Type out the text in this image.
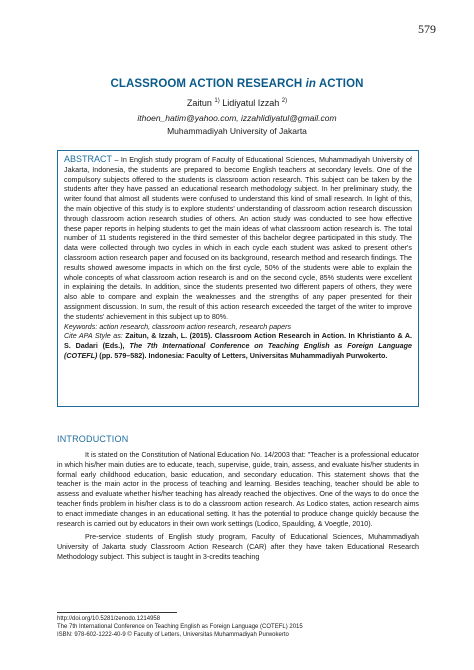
579
CLASSROOM ACTION RESEARCH in ACTION
Zaitun $^{1)}$ Lidiyatul Izzah $^{2)}$
ithoen_hatim@yahoo.com, izzahlidiyatul@gmail.com
Muhammadiyah University of Jakarta

ABSTRACT – In English study program of Faculty of Educational Sciences, Muhammadiyah University of Jakarta, Indonesia, the students are prepared to become English teachers at secondary levels. One of the compulsory subjects offered to the students is classroom action research. This subject can be taken by the students after they have passed an educational research methodology subject. In her preliminary study, the writer found that almost all students were confused to understand this kind of small research. In light of this, the main objective of this study is to explore students' understanding of classroom action research discussion through classroom action research studies of others. An action study was conducted to see how effective these paper reports in helping students to get the main ideas of what classroom action research is. The total number of 11 students registered in the third semester of this bachelor degree participated in this study. The data were collected through two cycles in which in each cycle each student was asked to present other's classroom action research paper and focused on its background, research method and research findings. The results showed awesome impacts in which on the first cycle, 50% of the students were able to explain the whole concepts of what classroom action research is and on the second cycle, 85% students were excellent in explaining the details. In addition, since the students presented two different papers of others, they were also able to compare and explain the weaknesses and the strengths of any paper presented for their assignment discussion. In sum, the result of this action research exceeded the target of the writer to improve the students' achievement in this subject up to 80%.

Keywords: action research, classroom action research, research papers

Cite APA Style as: Zaitun, & Izzah, L. (2015). Classroom Action Research in Action. In Khristianto & A. S. Dadari (Eds.), The 7th International Conference on Teaching English as Foreign Language (COTEFL) (pp. 579–582). Indonesia: Faculty of Letters, Universitas Muhammadiyah Purwokerto.

INTRODUCTION

It is stated on the Constitution of National Education No. 14/2003 that: "Teacher is a professional educator in which his/her main duties are to educate, teach, supervise, guide, train, assess, and evaluate his/her students in formal early childhood education, basic education, and secondary education. This statement shows that the teacher is the main actor in the process of teaching and learning. Besides teaching, teacher should be able to assess and evaluate whether his/her teaching has already reached the objectives. One of the ways to do once the teacher finds problem in his/her class is to do a classroom action research. As Lodico states, action research aims to enact immediate changes in an educational setting. It has the potential to produce change quickly because the research is carried out by educators in their own work settings (Lodico, Spaulding, & Voegtle, 2010).

Pre-service students of English study program, Faculty of Educational Sciences, Muhammadiyah University of Jakarta study Classroom Action Research (CAR) after they have taken Educational Research Methodology subject. This subject is taught in 3-credits teaching

http://doi.org/10.5281/zenodo.1214958
The 7th International Conference on Teaching English as Foreign Language (COTEFL) 2015
ISBN: 978-602-1222-40-9 © Faculty of Letters, Universitas Muhammadiyah Purwokerto
